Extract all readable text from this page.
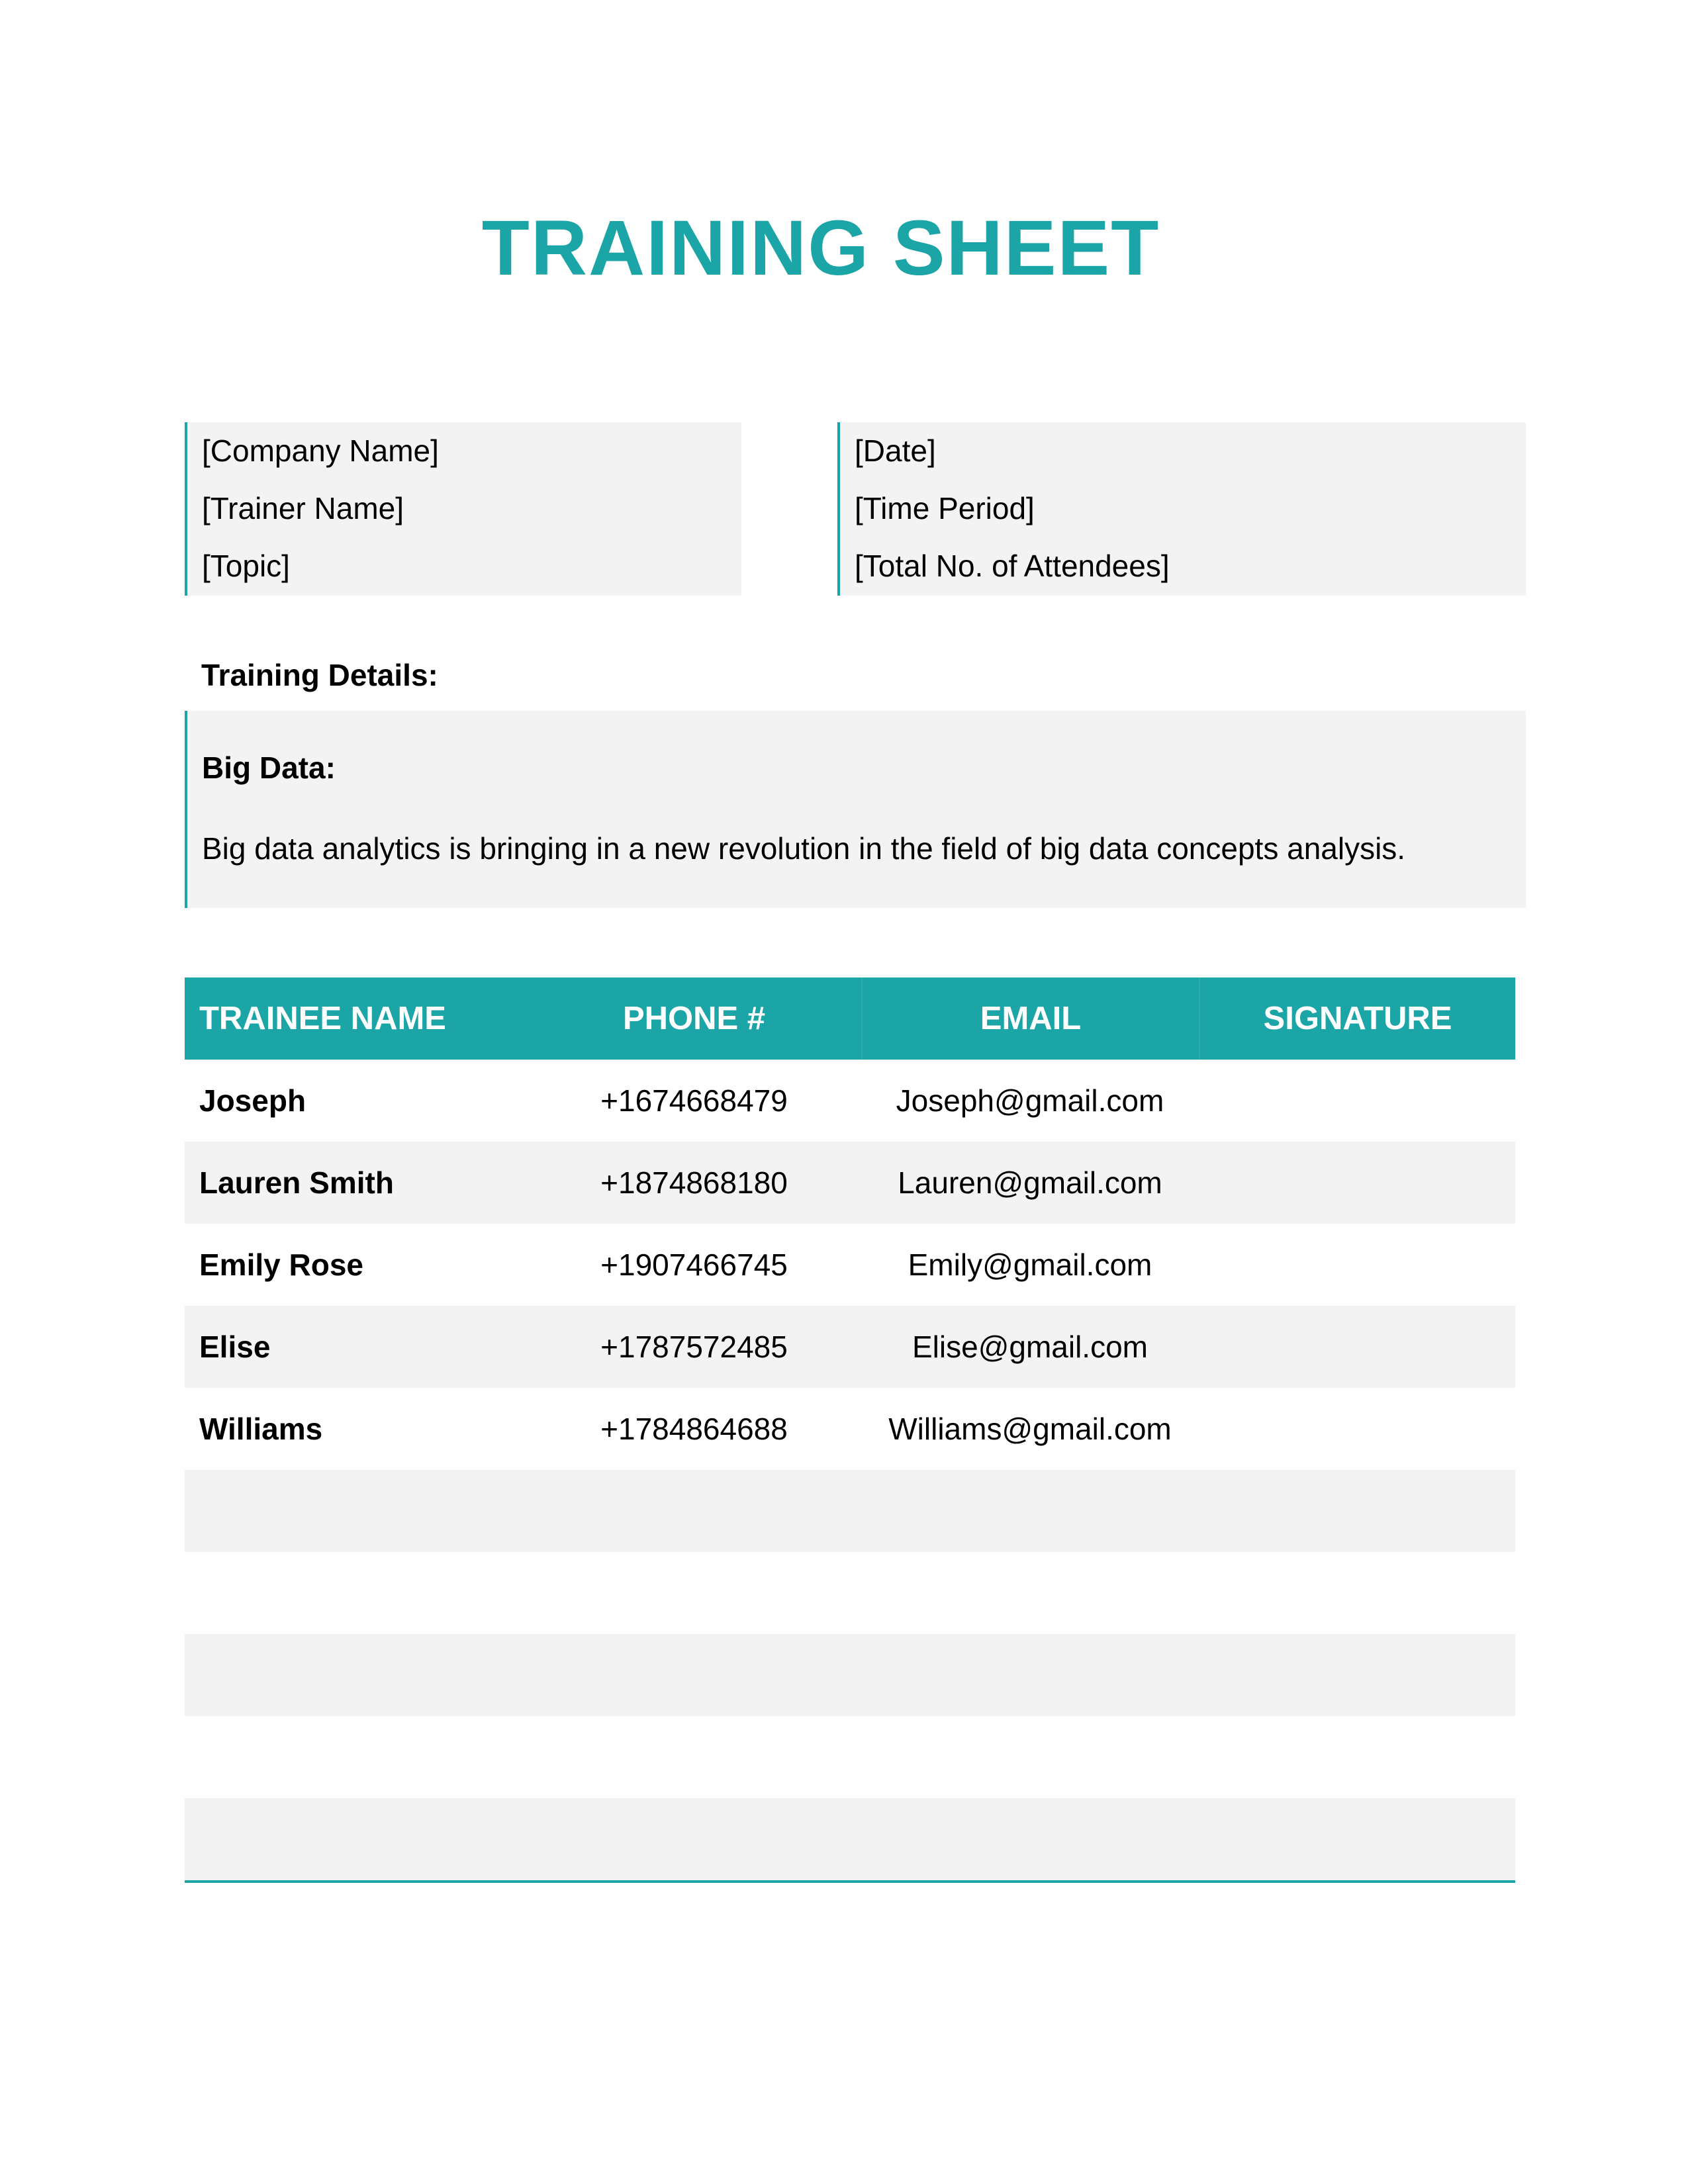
TRAINING SHEET
[Company Name]
[Trainer Name]
[Topic]
[Date]
[Time Period]
[Total No. of Attendees]
Training Details:
Big Data:
Big data analytics is bringing in a new revolution in the field of big data concepts analysis.
TRAINEE NAME	PHONE #	EMAIL	SIGNATURE
Joseph	+1674668479	Joseph@gmail.com
Lauren Smith	+1874868180	Lauren@gmail.com
Emily Rose	+1907466745	Emily@gmail.com
Elise	+1787572485	Elise@gmail.com
Williams	+1784864688	Williams@gmail.com
